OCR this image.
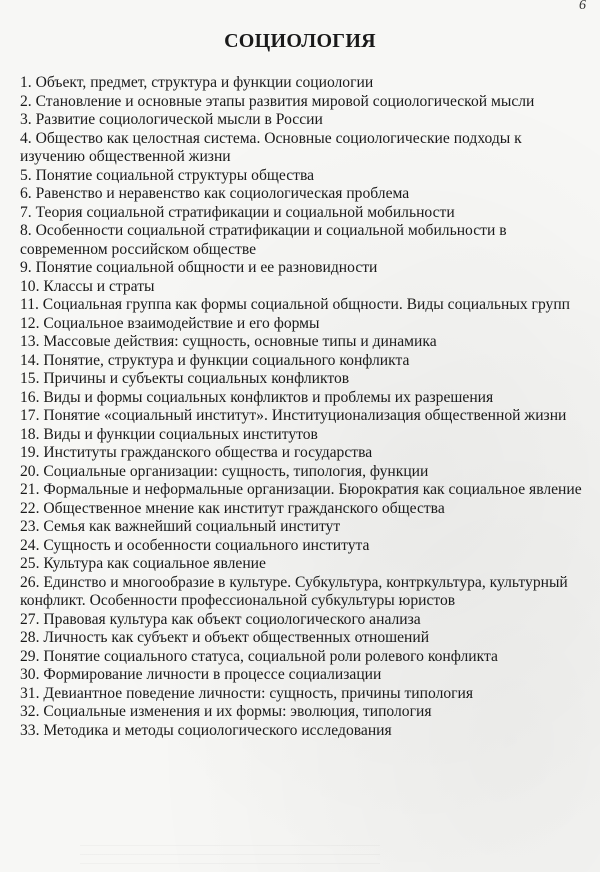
6
СОЦИОЛОГИЯ
1. Объект, предмет, структура и функции социологии
2. Становление и основные этапы развития мировой социологической мысли
3. Развитие социологической мысли в России
4. Общество как целостная система. Основные социологические подходы к изучению общественной жизни
5. Понятие социальной структуры общества
6. Равенство и неравенство как социологическая проблема
7. Теория социальной стратификации и социальной мобильности
8. Особенности социальной стратификации и социальной мобильности в современном российском обществе
9. Понятие социальной общности и ее разновидности
10. Классы и страты
11. Социальная группа как формы социальной общности. Виды социальных групп
12. Социальное взаимодействие и его формы
13. Массовые действия: сущность, основные типы и динамика
14. Понятие, структура и функции социального конфликта
15. Причины и субъекты социальных конфликтов
16. Виды и формы социальных конфликтов и проблемы их разрешения
17. Понятие «социальный институт». Институционализация общественной жизни
18. Виды и функции социальных институтов
19. Институты гражданского общества и государства
20. Социальные организации: сущность, типология, функции
21. Формальные и неформальные организации. Бюрократия как социальное явление
22. Общественное мнение как институт гражданского общества
23. Семья как важнейший социальный институт
24. Сущность и особенности социального института
25. Культура как социальное явление
26. Единство и многообразие в культуре. Субкультура, контркультура, культурный конфликт. Особенности профессиональной субкультуры юристов
27. Правовая культура как объект социологического анализа
28. Личность как субъект и объект общественных отношений
29. Понятие социального статуса, социальной роли ролевого конфликта
30. Формирование личности в процессе социализации
31. Девиантное поведение личности: сущность, причины типология
32. Социальные изменения и их формы: эволюция, типология
33. Методика и методы социологического исследования
